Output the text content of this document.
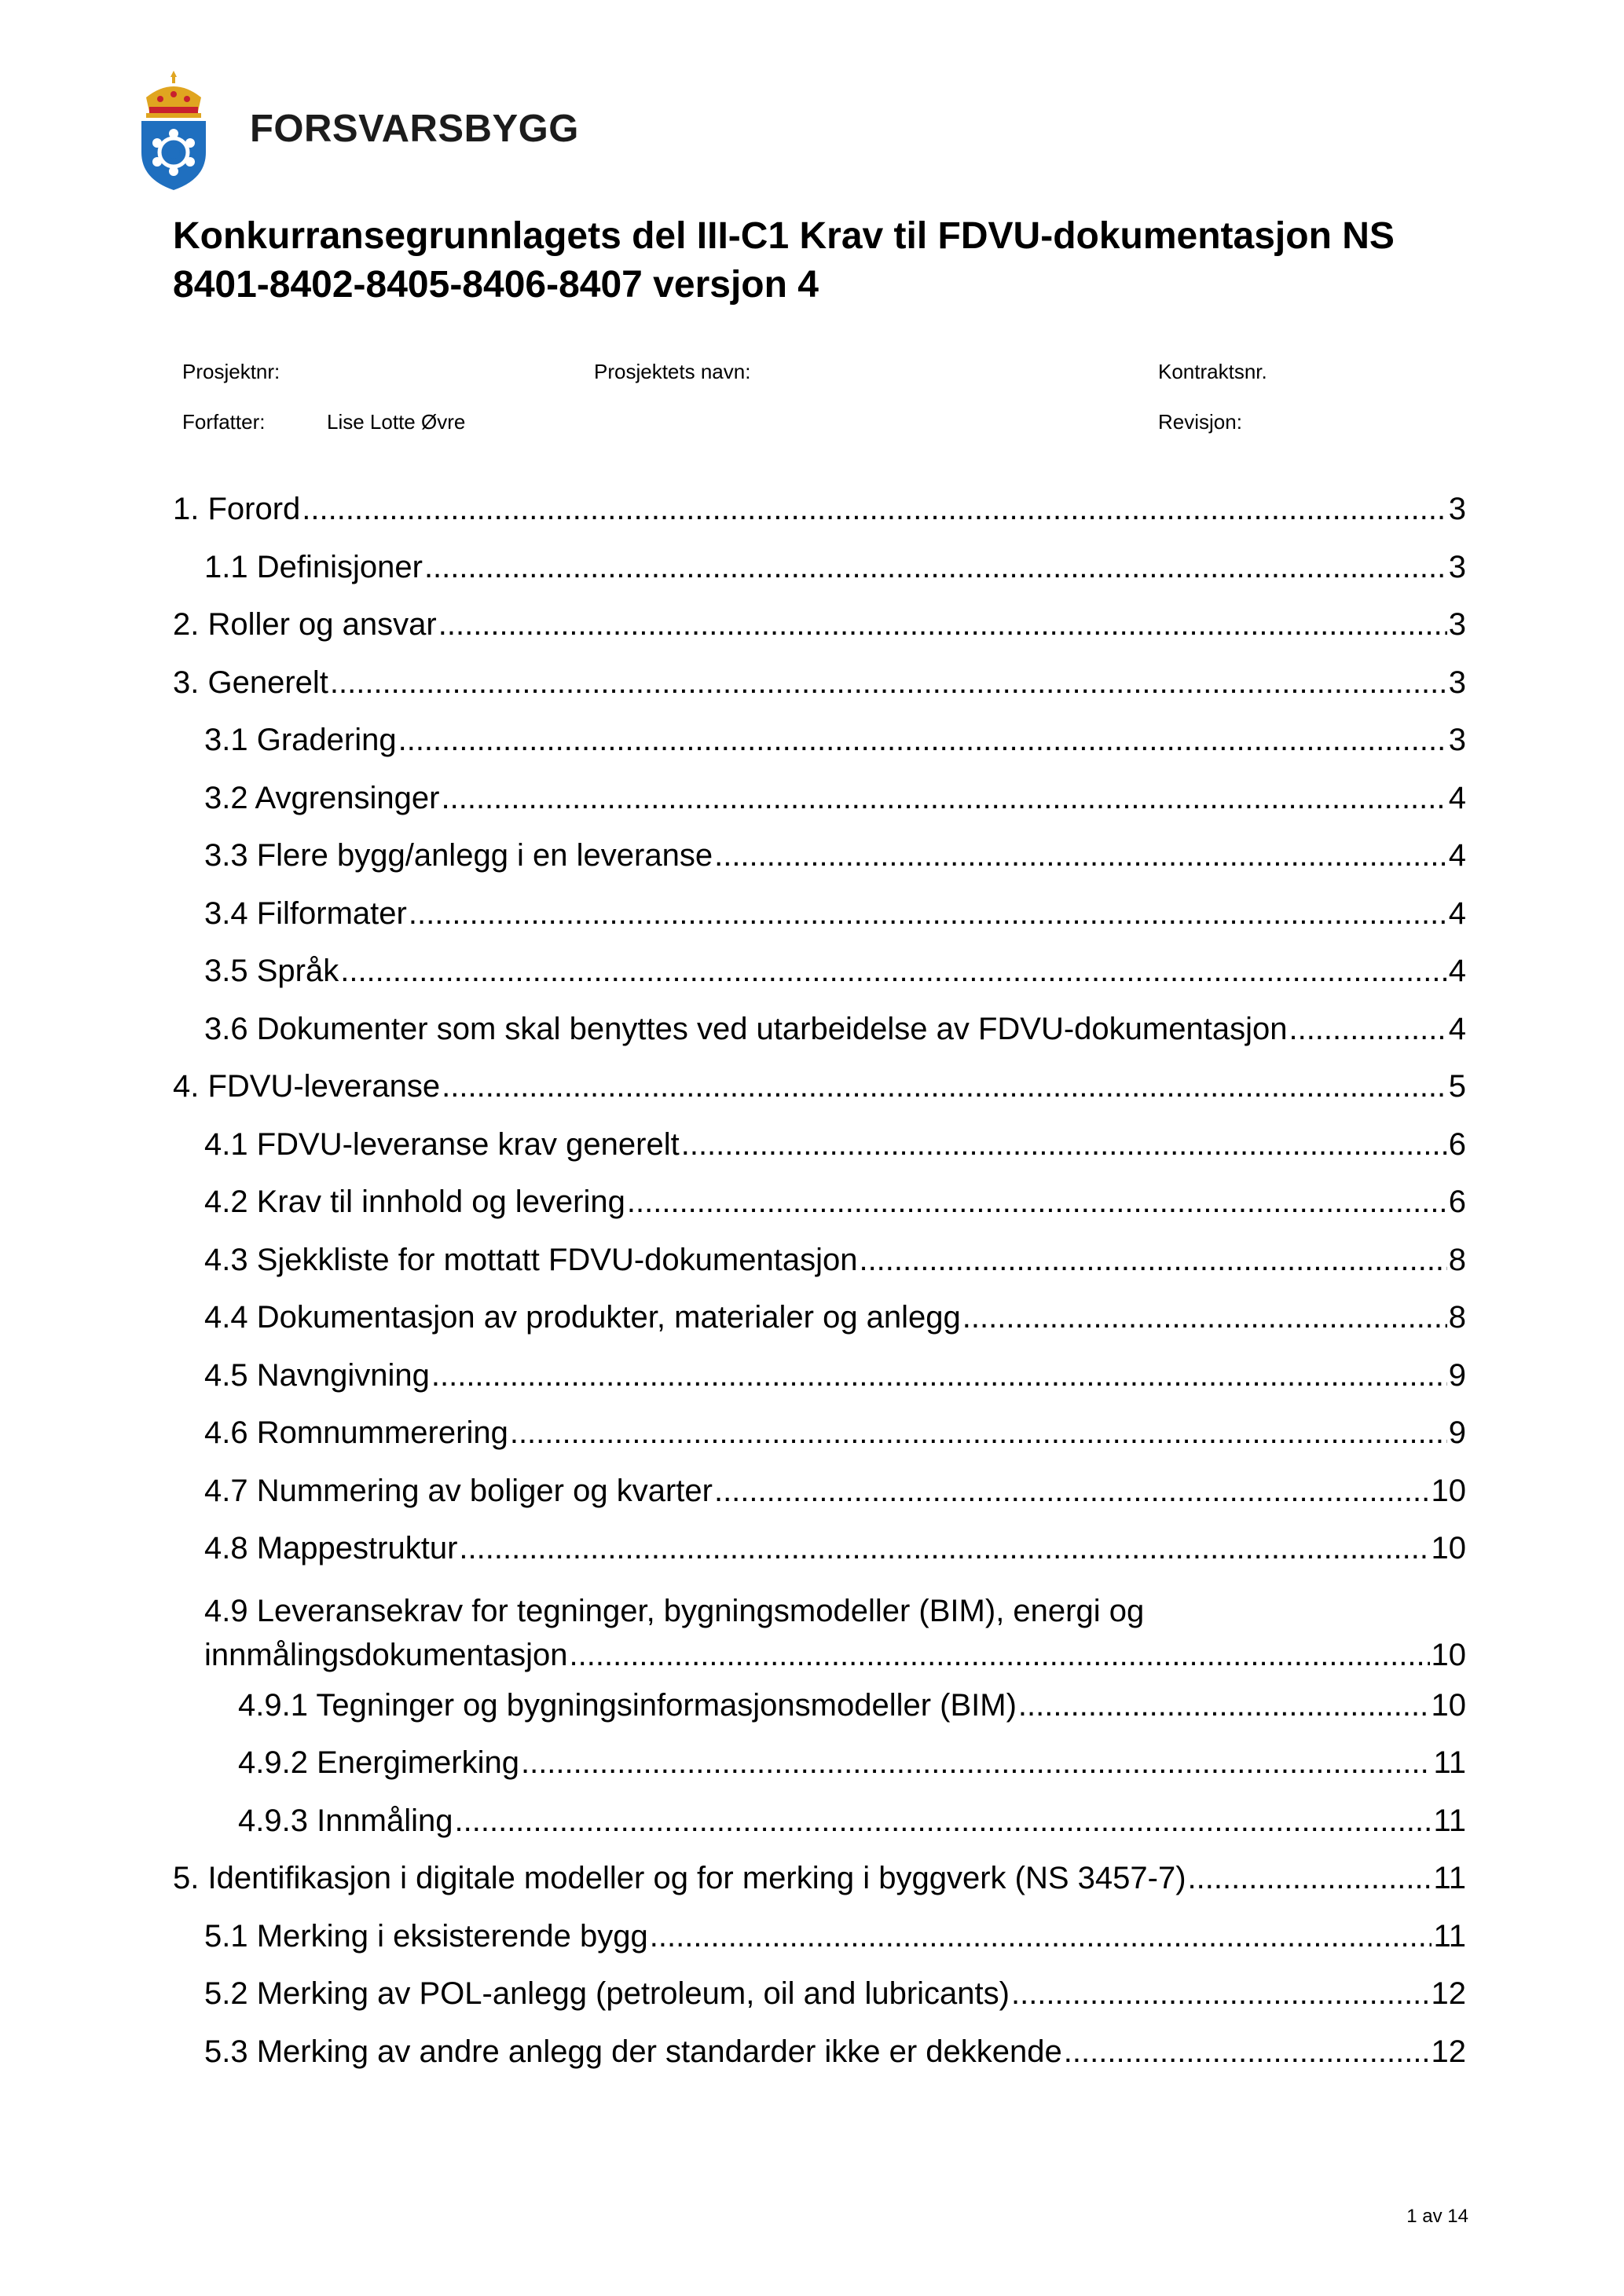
FORSVARSBYGG
Konkurransegrunnlagets del III-C1 Krav til FDVU-dokumentasjon NS 8401-8402-8405-8406-8407 versjon 4
Prosjektnr:	Prosjektets navn:	Kontraktsnr.
Forfatter:	Lise Lotte Øvre	Revisjon:
1. Forord .....	3
1.1 Definisjoner .....	3
2. Roller og ansvar .....	3
3. Generelt .....	3
3.1 Gradering .....	3
3.2 Avgrensinger .....	4
3.3 Flere bygg/anlegg i en leveranse .....	4
3.4 Filformater .....	4
3.5 Språk .....	4
3.6 Dokumenter som skal benyttes ved utarbeidelse av FDVU-dokumentasjon .....	4
4. FDVU-leveranse .....	5
4.1 FDVU-leveranse krav generelt .....	6
4.2 Krav til innhold og levering .....	6
4.3 Sjekkliste for mottatt FDVU-dokumentasjon .....	8
4.4 Dokumentasjon av produkter, materialer og anlegg .....	8
4.5 Navngivning .....	9
4.6 Romnummerering .....	9
4.7 Nummering av boliger og kvarter .....	10
4.8 Mappestruktur .....	10
4.9 Leveransekrav for tegninger, bygningsmodeller (BIM), energi og
innmålingsdokumentasjon .....	10
4.9.1 Tegninger og bygningsinformasjonsmodeller (BIM) .....	10
4.9.2 Energimerking .....	11
4.9.3 Innmåling .....	11
5. Identifikasjon i digitale modeller og for merking i byggverk (NS 3457-7) .....	11
5.1 Merking i eksisterende bygg .....	11
5.2 Merking av POL-anlegg (petroleum, oil and lubricants) .....	12
5.3 Merking av andre anlegg der standarder ikke er dekkende .....	12
1 av 14
